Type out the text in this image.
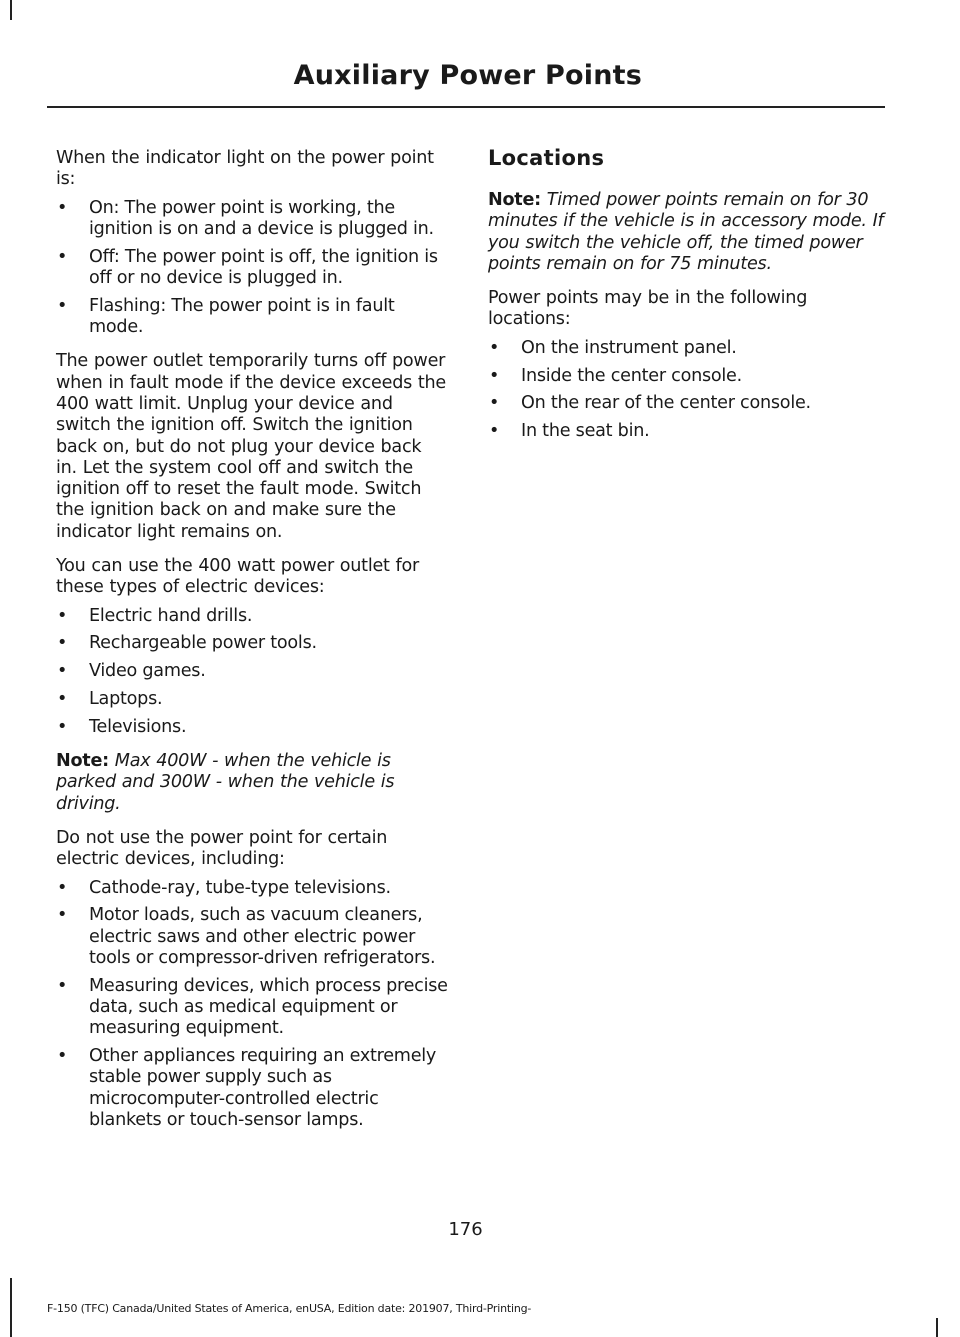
Auxiliary Power Points

When the indicator light on the power point is:

• On: The power point is working, the ignition is on and a device is plugged in.
• Off: The power point is off, the ignition is off or no device is plugged in.
• Flashing: The power point is in fault mode.

The power outlet temporarily turns off power when in fault mode if the device exceeds the 400 watt limit. Unplug your device and switch the ignition off. Switch the ignition back on, but do not plug your device back in. Let the system cool off and switch the ignition off to reset the fault mode. Switch the ignition back on and make sure the indicator light remains on.

You can use the 400 watt power outlet for these types of electric devices:

• Electric hand drills.
• Rechargeable power tools.
• Video games.
• Laptops.
• Televisions.

Note: Max 400W - when the vehicle is parked and 300W - when the vehicle is driving.

Do not use the power point for certain electric devices, including:

• Cathode-ray, tube-type televisions.
• Motor loads, such as vacuum cleaners, electric saws and other electric power tools or compressor-driven refrigerators.
• Measuring devices, which process precise data, such as medical equipment or measuring equipment.
• Other appliances requiring an extremely stable power supply such as microcomputer-controlled electric blankets or touch-sensor lamps.
Locations

Note: Timed power points remain on for 30 minutes if the vehicle is in accessory mode. If you switch the vehicle off, the timed power points remain on for 75 minutes.

Power points may be in the following locations:

• On the instrument panel.
• Inside the center console.
• On the rear of the center console.
• In the seat bin.
176
F-150 (TFC) Canada/United States of America, enUSA, Edition date: 201907, Third-Printing-
